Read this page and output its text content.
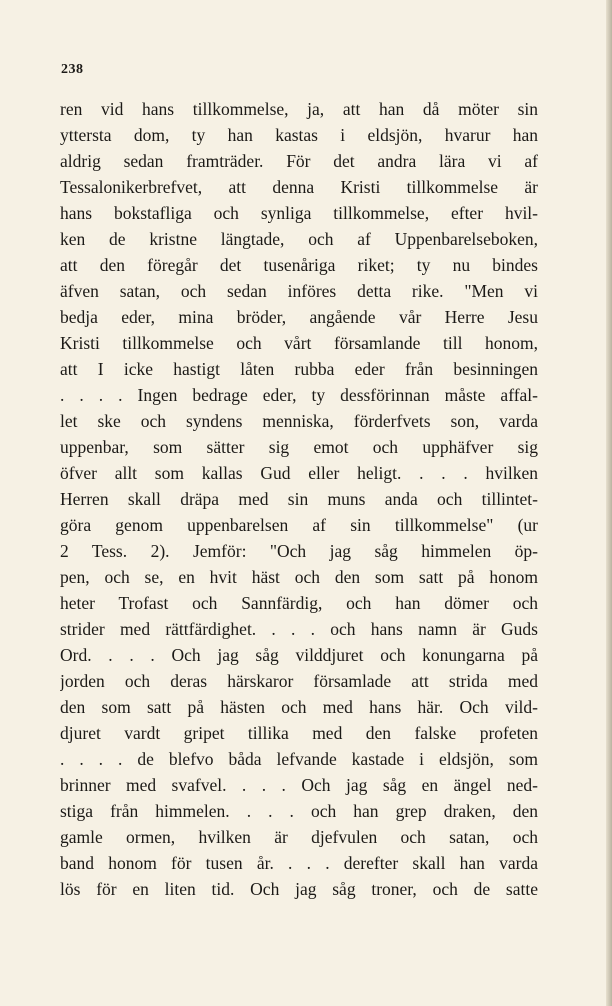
238
ren vid hans tillkommelse, ja, att han då möter sin
yttersta dom, ty han kastas i eldsjön, hvarur han
aldrig sedan framträder. För det andra lära vi af
Tessalonikerbrefvet, att denna Kristi tillkommelse är
hans bokstafliga och synliga tillkommelse, efter hvil-
ken de kristne längtade, och af Uppenbarelseboken,
att den föregår det tusenåriga riket; ty nu bindes
äfven satan, och sedan införes detta rike. "Men vi
bedja eder, mina bröder, angående vår Herre Jesu
Kristi tillkommelse och vårt församlande till honom,
att I icke hastigt låten rubba eder från besinningen
. . . . Ingen bedrage eder, ty dessförinnan måste affal-
let ske och syndens menniska, förderfvets son, varda
uppenbar, som sätter sig emot och upphäfver sig
öfver allt som kallas Gud eller heligt. . . . hvilken
Herren skall dräpa med sin muns anda och tillintet-
göra genom uppenbarelsen af sin tillkommelse" (ur
2 Tess. 2). Jemför: "Och jag såg himmelen öp-
pen, och se, en hvit häst och den som satt på honom
heter Trofast och Sannfärdig, och han dömer och
strider med rättfärdighet. . . . och hans namn är Guds
Ord. . . . Och jag såg vilddjuret och konungarna på
jorden och deras härskaror församlade att strida med
den som satt på hästen och med hans här. Och vild-
djuret vardt gripet tillika med den falske profeten
. . . . de blefvo båda lefvande kastade i eldsjön, som
brinner med svafvel. . . . Och jag såg en ängel ned-
stiga från himmelen. . . . och han grep draken, den
gamle ormen, hvilken är djefvulen och satan, och
band honom för tusen år. . . . derefter skall han varda
lös för en liten tid. Och jag såg troner, och de satte
